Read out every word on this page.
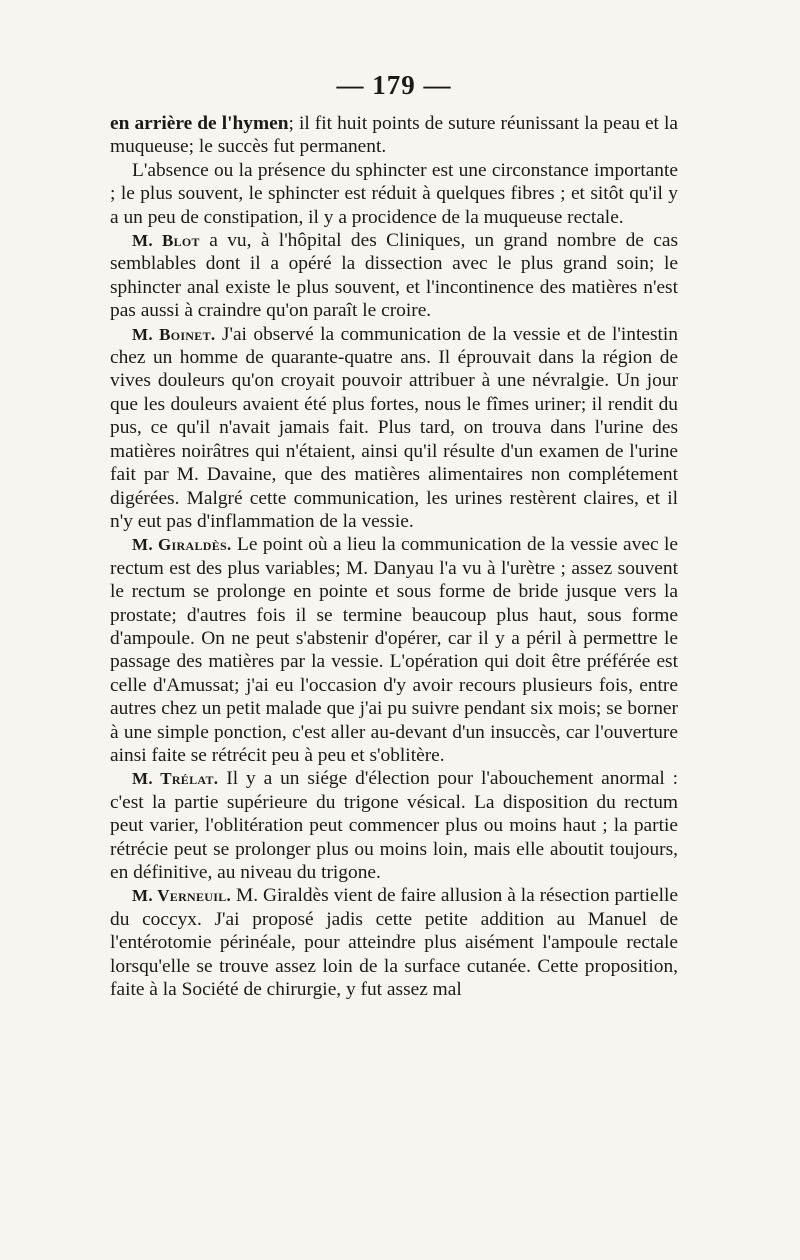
— 179 —

en arrière de l'hymen; il fit huit points de suture réunissant la peau et la muqueuse; le succès fut permanent.

L'absence ou la présence du sphincter est une circonstance importante ; le plus souvent, le sphincter est réduit à quelques fibres ; et sitôt qu'il y a un peu de constipation, il y a procidence de la muqueuse rectale.

M. Blot a vu, à l'hôpital des Cliniques, un grand nombre de cas semblables dont il a opéré la dissection avec le plus grand soin; le sphincter anal existe le plus souvent, et l'incontinence des matières n'est pas aussi à craindre qu'on paraît le croire.

M. Boinet. J'ai observé la communication de la vessie et de l'intestin chez un homme de quarante-quatre ans. Il éprouvait dans la région de vives douleurs qu'on croyait pouvoir attribuer à une névralgie. Un jour que les douleurs avaient été plus fortes, nous le fîmes uriner; il rendit du pus, ce qu'il n'avait jamais fait. Plus tard, on trouva dans l'urine des matières noirâtres qui n'étaient, ainsi qu'il résulte d'un examen de l'urine fait par M. Davaine, que des matières alimentaires non complétement digérées. Malgré cette communication, les urines restèrent claires, et il n'y eut pas d'inflammation de la vessie.

M. Giraldès. Le point où a lieu la communication de la vessie avec le rectum est des plus variables; M. Danyau l'a vu à l'urètre ; assez souvent le rectum se prolonge en pointe et sous forme de bride jusque vers la prostate; d'autres fois il se termine beaucoup plus haut, sous forme d'ampoule. On ne peut s'abstenir d'opérer, car il y a péril à permettre le passage des matières par la vessie. L'opération qui doit être préférée est celle d'Amussat; j'ai eu l'occasion d'y avoir recours plusieurs fois, entre autres chez un petit malade que j'ai pu suivre pendant six mois; se borner à une simple ponction, c'est aller au-devant d'un insuccès, car l'ouverture ainsi faite se rétrécit peu à peu et s'oblitère.

M. Trélat. Il y a un siége d'élection pour l'abouchement anormal : c'est la partie supérieure du trigone vésical. La disposition du rectum peut varier, l'oblitération peut commencer plus ou moins haut ; la partie rétrécie peut se prolonger plus ou moins loin, mais elle aboutit toujours, en définitive, au niveau du trigone.

M. Verneuil. M. Giraldès vient de faire allusion à la résection partielle du coccyx. J'ai proposé jadis cette petite addition au Manuel de l'entérotomie périnéale, pour atteindre plus aisément l'ampoule rectale lorsqu'elle se trouve assez loin de la surface cutanée. Cette proposition, faite à la Société de chirurgie, y fut assez mal
